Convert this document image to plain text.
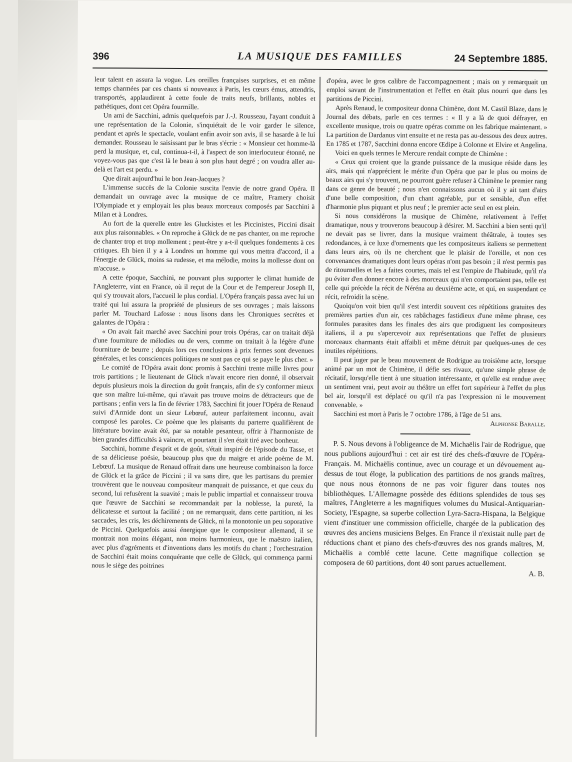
396	LA MUSIQUE DES FAMILLES	24 Septembre 1885.

leur talent en assura la vogue. Les oreilles françaises surprises, et en même temps charmées par ces chants si nouveaux à Paris, les cœurs émus, attendris, transportés, applaudirent à cette foule de traits neufs, brillants, nobles et pathétiques, dont cet Opéra fourmille.

Un ami de Sacchini, admis quelquefois par J.-J. Rousseau, l'ayant conduit à une représentation de la Colonie, s'inquiétait de le voir garder le silence, pendant et après le spectacle, voulant enfin avoir son avis, il se hasarde à le lui demander. Rousseau le saisissant par le bras s'écrie : « Monsieur cet homme-là perd la musique, et, cul, continua-t-il, à l'aspect de son interlocuteur étonné, ne voyez-vous pas que c'est là le beau à son plus haut degré ; on voudra aller au-delà et l'art est perdu. »

Que dirait aujourd'hui le bon Jean-Jacques ?

L'immense succès de la Colonie suscita l'envie de notre grand Opéra. Il demandait un ouvrage avec la musique de ce maître, Framery choisit l'Olympiade et y employait les plus beaux morceaux composés par Sacchini à Milan et à Londres.

Au fort de la querelle entre les Gluckistes et les Piccinistes, Piccini disait aux plus raisonnables. « On reproche à Glück de ne pas chanter, on me reproche de chanter trop et trop mollement ; peut-être y a-t-il quelques fondements à ces critiques. Eh bien il y a à Londres un homme qui vous mettra d'accord, il a l'énergie de Glück, moins sa rudesse, et ma mélodie, moins la mollesse dont on m'accuse. »

A cette époque, Sacchini, ne pouvant plus supporter le climat humide de l'Angleterre, vint en France, où il reçut de la Cour et de l'empereur Joseph II, qui s'y trouvait alors, l'accueil le plus cordial. L'Opéra français passa avec lui un traité qui lui assura la propriété de plusieurs de ses ouvrages ; mais laissons parler M. Touchard Lafosse : nous lisons dans les Chroniques secrètes et galantes de l'Opéra :

« On avait fait marché avec Sacchini pour trois Opéras, car on traitait déjà d'une fourniture de mélodies ou de vers, comme on traitait à la légère d'une fourniture de beurre ; depuis lors ces conclusions à prix fermes sont devenues générales, et les consciences politiques ne sont pas ce qui se paye le plus cher. »

Le comité de l'Opéra avait donc promis à Sacchini trente mille livres pour trois partitions ; le lieutenant de Glück n'avait encore rien donné, il observait depuis plusieurs mois la direction du goût français, afin de s'y conformer mieux que son maître lui-même, qui n'avait pas trouve moins de détracteurs que de partisans ; enfin vers la fin de février 1783, Sacchini fit jouer l'Opéra de Renaud suivi d'Armide dont un sieur Lebœuf, auteur parfaitement inconnu, avait composé les paroles. Ce poème que les plaisants du parterre qualifièrent de littérature bovine avait été, par sa notable pesanteur, offrir à l'harmoniste de bien grandes difficultés à vaincre, et pourtant il s'en était tiré avec bonheur.

Sacchini, homme d'esprit et de goût, s'était inspiré de l'épisode du Tasse, et de sa délicieuse poésie, beaucoup plus que du maigre et aride poème de M. Lebœuf. La musique de Renaud offrait dans une heureuse combinaison la force de Glück et la grâce de Piccini ; il va sans dire, que les partisans du premier trouvèrent que le nouveau compositeur manquait de puissance, et que ceux du second, lui refusèrent la suavité ; mais le public impartial et connaisseur trouva que l'œuvre de Sacchini se recommandait par la noblesse, la pureté, la délicatesse et surtout la facilité ; on ne remarquait, dans cette partition, ni les saccades, les cris, les déchirements de Glück, ni la monotonie un peu soporative de Piccini. Quelquefois aussi énergique que le compositeur allemand, il se montrait non moins élégant, non moins harmonieux, que le maëstro italien, avec plus d'agréments et d'inventions dans les motifs du chant ; l'orchestration de Sacchini était moins conquérante que celle de Glück, qui commença parmi nous le siège des poitrines

d'opéra, avec le gros calibre de l'accompagnement ; mais on y remarquait un emploi savant de l'instrumentation et l'effet en était plus nourri que dans les partitions de Piccini.

Après Renaud, le compositeur donna Chimène, dont M. Castil Blaze, dans le Journal des débats, parle en ces termes : « Il y a là de quoi défrayer, en excellente musique, trois ou quatre opéras comme on les fabrique maintenant. » La partition de Dardanus vint ensuite et ne resta pas au-dessous des deux autres. En 1785 et 1787, Sacchini donna encore Œdipe à Colonne et Elvire et Angelina.

Voici en quels termes le Mercure rendait compte de Chimène :

« Ceux qui croient que la grande puissance de la musique réside dans les airs, mais qui n'apprécient le mérite d'un Opéra que par le plus ou moins de beaux airs qui s'y trouvent, ne pourront guère refuser à Chimène le premier rang dans ce genre de beauté ; nous n'en connaissons aucun où il y ait tant d'airs d'une belle composition, d'un chant agréable, pur et sensible, d'un effet d'harmonie plus piquant et plus neuf ; le premier acte seul en est plein.

Si nous considérons la musique de Chimène, relativement à l'effet dramatique, nous y trouverons beaucoup à désirer. M. Sacchini a bien senti qu'il ne devait pas se livrer, dans la musique vraiment théâtrale, à toutes ses redondances, à ce luxe d'ornements que les compositeurs italiens se permettent dans leurs airs, où ils ne cherchent que le plaisir de l'oreille, et non ces convenances dramatiques dont leurs opéras n'ont pas besoin ; il n'est permis pas de ritournelles et les a faites courtes, mais tel est l'empire de l'habitude, qu'il n'a pu éviter d'en donner encore à des morceaux qui n'en comportaient pas, telle est celle qui précède la récit de Néréna au deuxième acte, et qui, en suspendant ce récit, refroidit la scène.

Quoiqu'on voit bien qu'il s'est interdit souvent ces répétitions gratuites des premières parties d'un air, ces rabâchages fastidieux d'une même phrase, ces formules parasites dans les finales des airs que prodiguent les compositeurs italiens, il a pu s'apercevoir aux représentations que l'effet de plusieurs morceaux charmants était affaibli et même détruit par quelques-unes de ces inutiles répétitions.

Il peut juger par le beau mouvement de Rodrigue au troisième acte, lorsque animé par un mot de Chimène, il défie ses rivaux, qu'une simple phrase de récitatif, lorsqu'elle tient à une situation intéressante, et qu'elle est rendue avec un sentiment vrai, peut avoir au théâtre un effet fort supérieur à l'effet du plus bel air, lorsqu'il est déplacé ou qu'il n'a pas l'expression ni le mouvement convenable. »

Sacchini est mort à Paris le 7 octobre 1786, à l'âge de 51 ans.

Alphonse Baralle.

P. S. Nous devons à l'obligeance de M. Michaëlis l'air de Rodrigue, que nous publions aujourd'hui : cet air est tiré des chefs-d'œuvre de l'Opéra-Français. M. Michaëlis continue, avec un courage et un dévouement au-dessus de tout éloge, la publication des partitions de nos grands maîtres, que nous nous étonnons de ne pas voir figurer dans toutes nos bibliothèques. L'Allemagne possède des éditions splendides de tous ses maîtres, l'Angleterre a les magnifiques volumes du Musical-Antiquarian-Society, l'Espagne, sa superbe collection Lyra-Sacra-Hispana, la Belgique vient d'instituer une commission officielle, chargée de la publication des œuvres des anciens musiciens Belges. En France il n'existait nulle part de réductions chant et piano des chefs-d'œuvres des nos grands maîtres, M. Michaëlis a comblé cette lacune. Cette magnifique collection se composera de 60 partitions, dont 40 sont parues actuellement.

A. B.
